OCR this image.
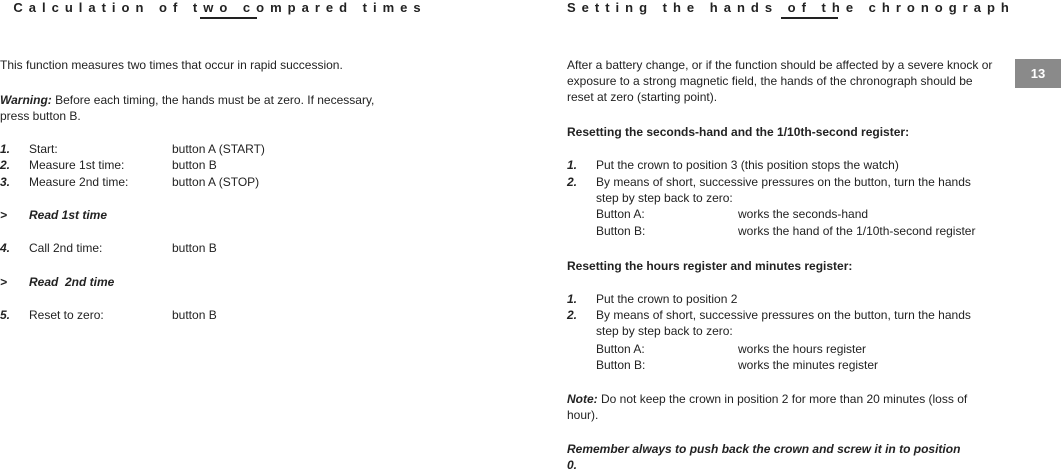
Calculation of two compared times

This function measures two times that occur in rapid succession.

Warning: Before each timing, the hands must be at zero. If necessary, press button B.

1. Start:	button A (START)
2. Measure 1st time:	button B
3. Measure 2nd time:	button A (STOP)
> Read 1st time
4. Call 2nd time:	button B
> Read  2nd time
5. Reset to zero:	button B
Setting the hands of the chronograph

After a battery change, or if the function should be affected by a severe knock or exposure to a strong magnetic field, the hands of the chronograph should be reset at zero (starting point).

Resetting the seconds-hand and the 1/10th-second register:

1. Put the crown to position 3 (this position stops the watch)
2. By means of short, successive pressures on the button, turn the hands step by step back to zero:
Button A:	works the seconds-hand
Button B:	works the hand of the 1/10th-second register

Resetting the hours register and minutes register:

1. Put the crown to position 2
2. By means of short, successive pressures on the button, turn the hands step by step back to zero:
Button A:	works the hours register
Button B:	works the minutes register

Note: Do not keep the crown in position 2 for more than 20 minutes (loss of hour).

Remember always to push back the crown and screw it in to position 0.

13
